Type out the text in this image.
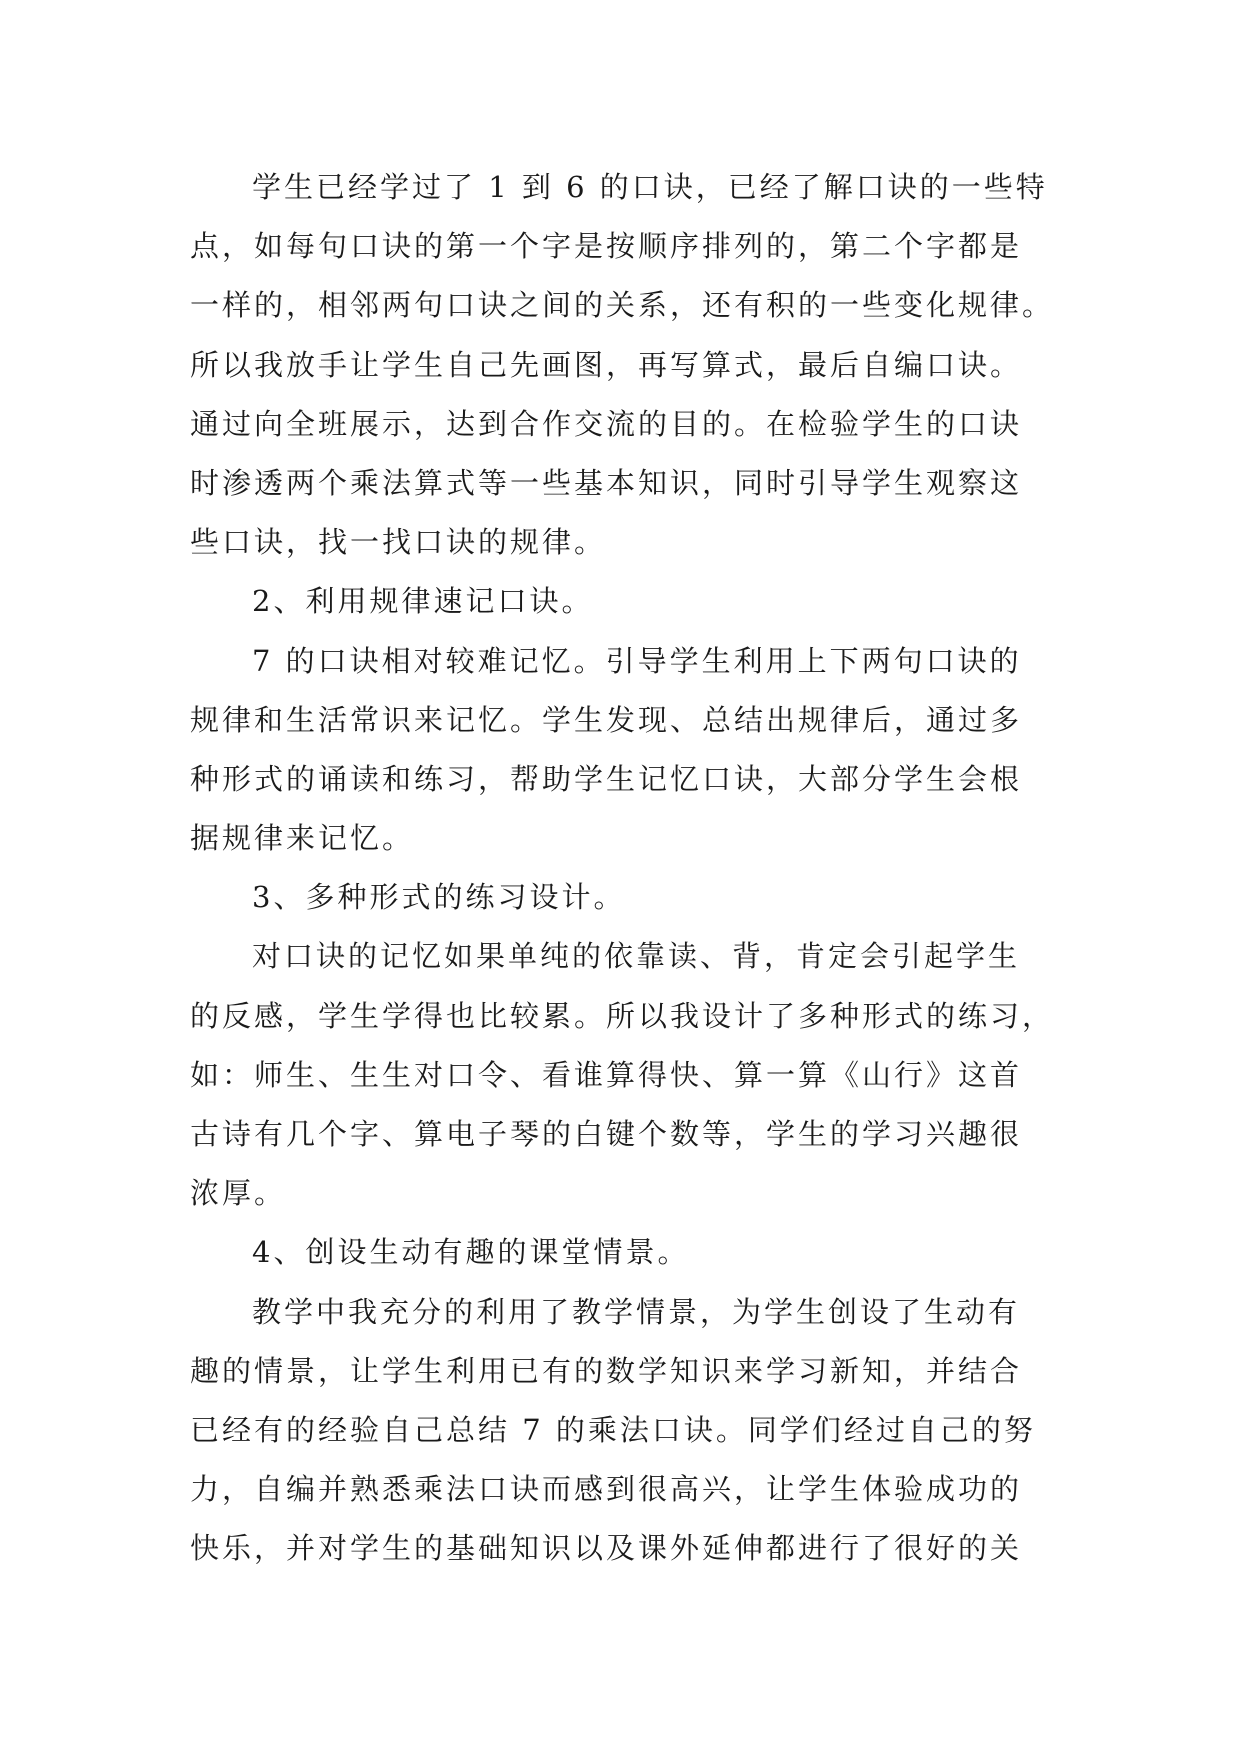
学生已经学过了 1 到 6 的口诀，已经了解口诀的一些特
点，如每句口诀的第一个字是按顺序排列的，第二个字都是
一样的，相邻两句口诀之间的关系，还有积的一些变化规律。
所以我放手让学生自己先画图，再写算式，最后自编口诀。
通过向全班展示，达到合作交流的目的。在检验学生的口诀
时渗透两个乘法算式等一些基本知识，同时引导学生观察这
些口诀，找一找口诀的规律。
2、利用规律速记口诀。
7 的口诀相对较难记忆。引导学生利用上下两句口诀的
规律和生活常识来记忆。学生发现、总结出规律后，通过多
种形式的诵读和练习，帮助学生记忆口诀，大部分学生会根
据规律来记忆。
3、多种形式的练习设计。
对口诀的记忆如果单纯的依靠读、背，肯定会引起学生
的反感，学生学得也比较累。所以我设计了多种形式的练习，
如：师生、生生对口令、看谁算得快、算一算《山行》这首
古诗有几个字、算电子琴的白键个数等，学生的学习兴趣很
浓厚。
4、创设生动有趣的课堂情景。
教学中我充分的利用了教学情景，为学生创设了生动有
趣的情景，让学生利用已有的数学知识来学习新知，并结合
已经有的经验自己总结 7 的乘法口诀。同学们经过自己的努
力，自编并熟悉乘法口诀而感到很高兴，让学生体验成功的
快乐，并对学生的基础知识以及课外延伸都进行了很好的关
